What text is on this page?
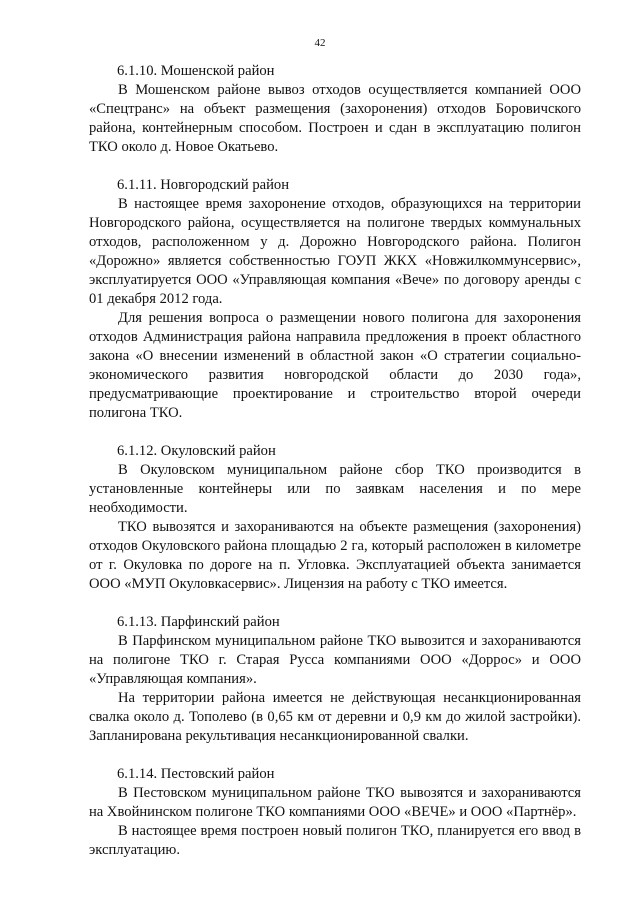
42

6.1.10. Мошенской район

В Мошенском районе вывоз отходов осуществляется компанией ООО «Спецтранс» на объект размещения (захоронения) отходов Боровичского района, контейнерным способом. Построен и сдан в эксплуатацию полигон ТКО около д. Новое Окатьево.

6.1.11. Новгородский район

В настоящее время захоронение отходов, образующихся на территории Новгородского района, осуществляется на полигоне твердых коммунальных отходов, расположенном у д. Дорожно Новгородского района. Полигон «Дорожно» является собственностью ГОУП ЖКХ «Новжилкоммунсервис», эксплуатируется ООО «Управляющая компания «Вече» по договору аренды с 01 декабря 2012 года.

Для решения вопроса о размещении нового полигона для захоронения отходов Администрация района направила предложения в проект областного закона «О внесении изменений в областной закон «О стратегии социально-экономического развития новгородской области до 2030 года», предусматривающие проектирование и строительство второй очереди полигона ТКО.

6.1.12. Окуловский район

В Окуловском муниципальном районе сбор ТКО производится в установленные контейнеры или по заявкам населения и по мере необходимости.

ТКО вывозятся и захораниваются на объекте размещения (захоронения) отходов Окуловского района площадью 2 га, который расположен в километре от г. Окуловка по дороге на п. Угловка. Эксплуатацией объекта занимается ООО «МУП Окуловкасервис». Лицензия на работу с ТКО имеется.

6.1.13. Парфинский район

В Парфинском муниципальном районе ТКО вывозится и захораниваются на полигоне ТКО г. Старая Русса компаниями ООО «Доррос» и ООО «Управляющая компания».

На территории района имеется не действующая несанкционированная свалка около д. Тополево (в 0,65 км от деревни и 0,9 км до жилой застройки). Запланирована рекультивация несанкционированной свалки.

6.1.14. Пестовский район

В Пестовском муниципальном районе ТКО вывозятся и захораниваются на Хвойнинском полигоне ТКО компаниями ООО «ВЕЧЕ» и ООО «Партнёр».

В настоящее время построен новый полигон ТКО, планируется его ввод в эксплуатацию.
